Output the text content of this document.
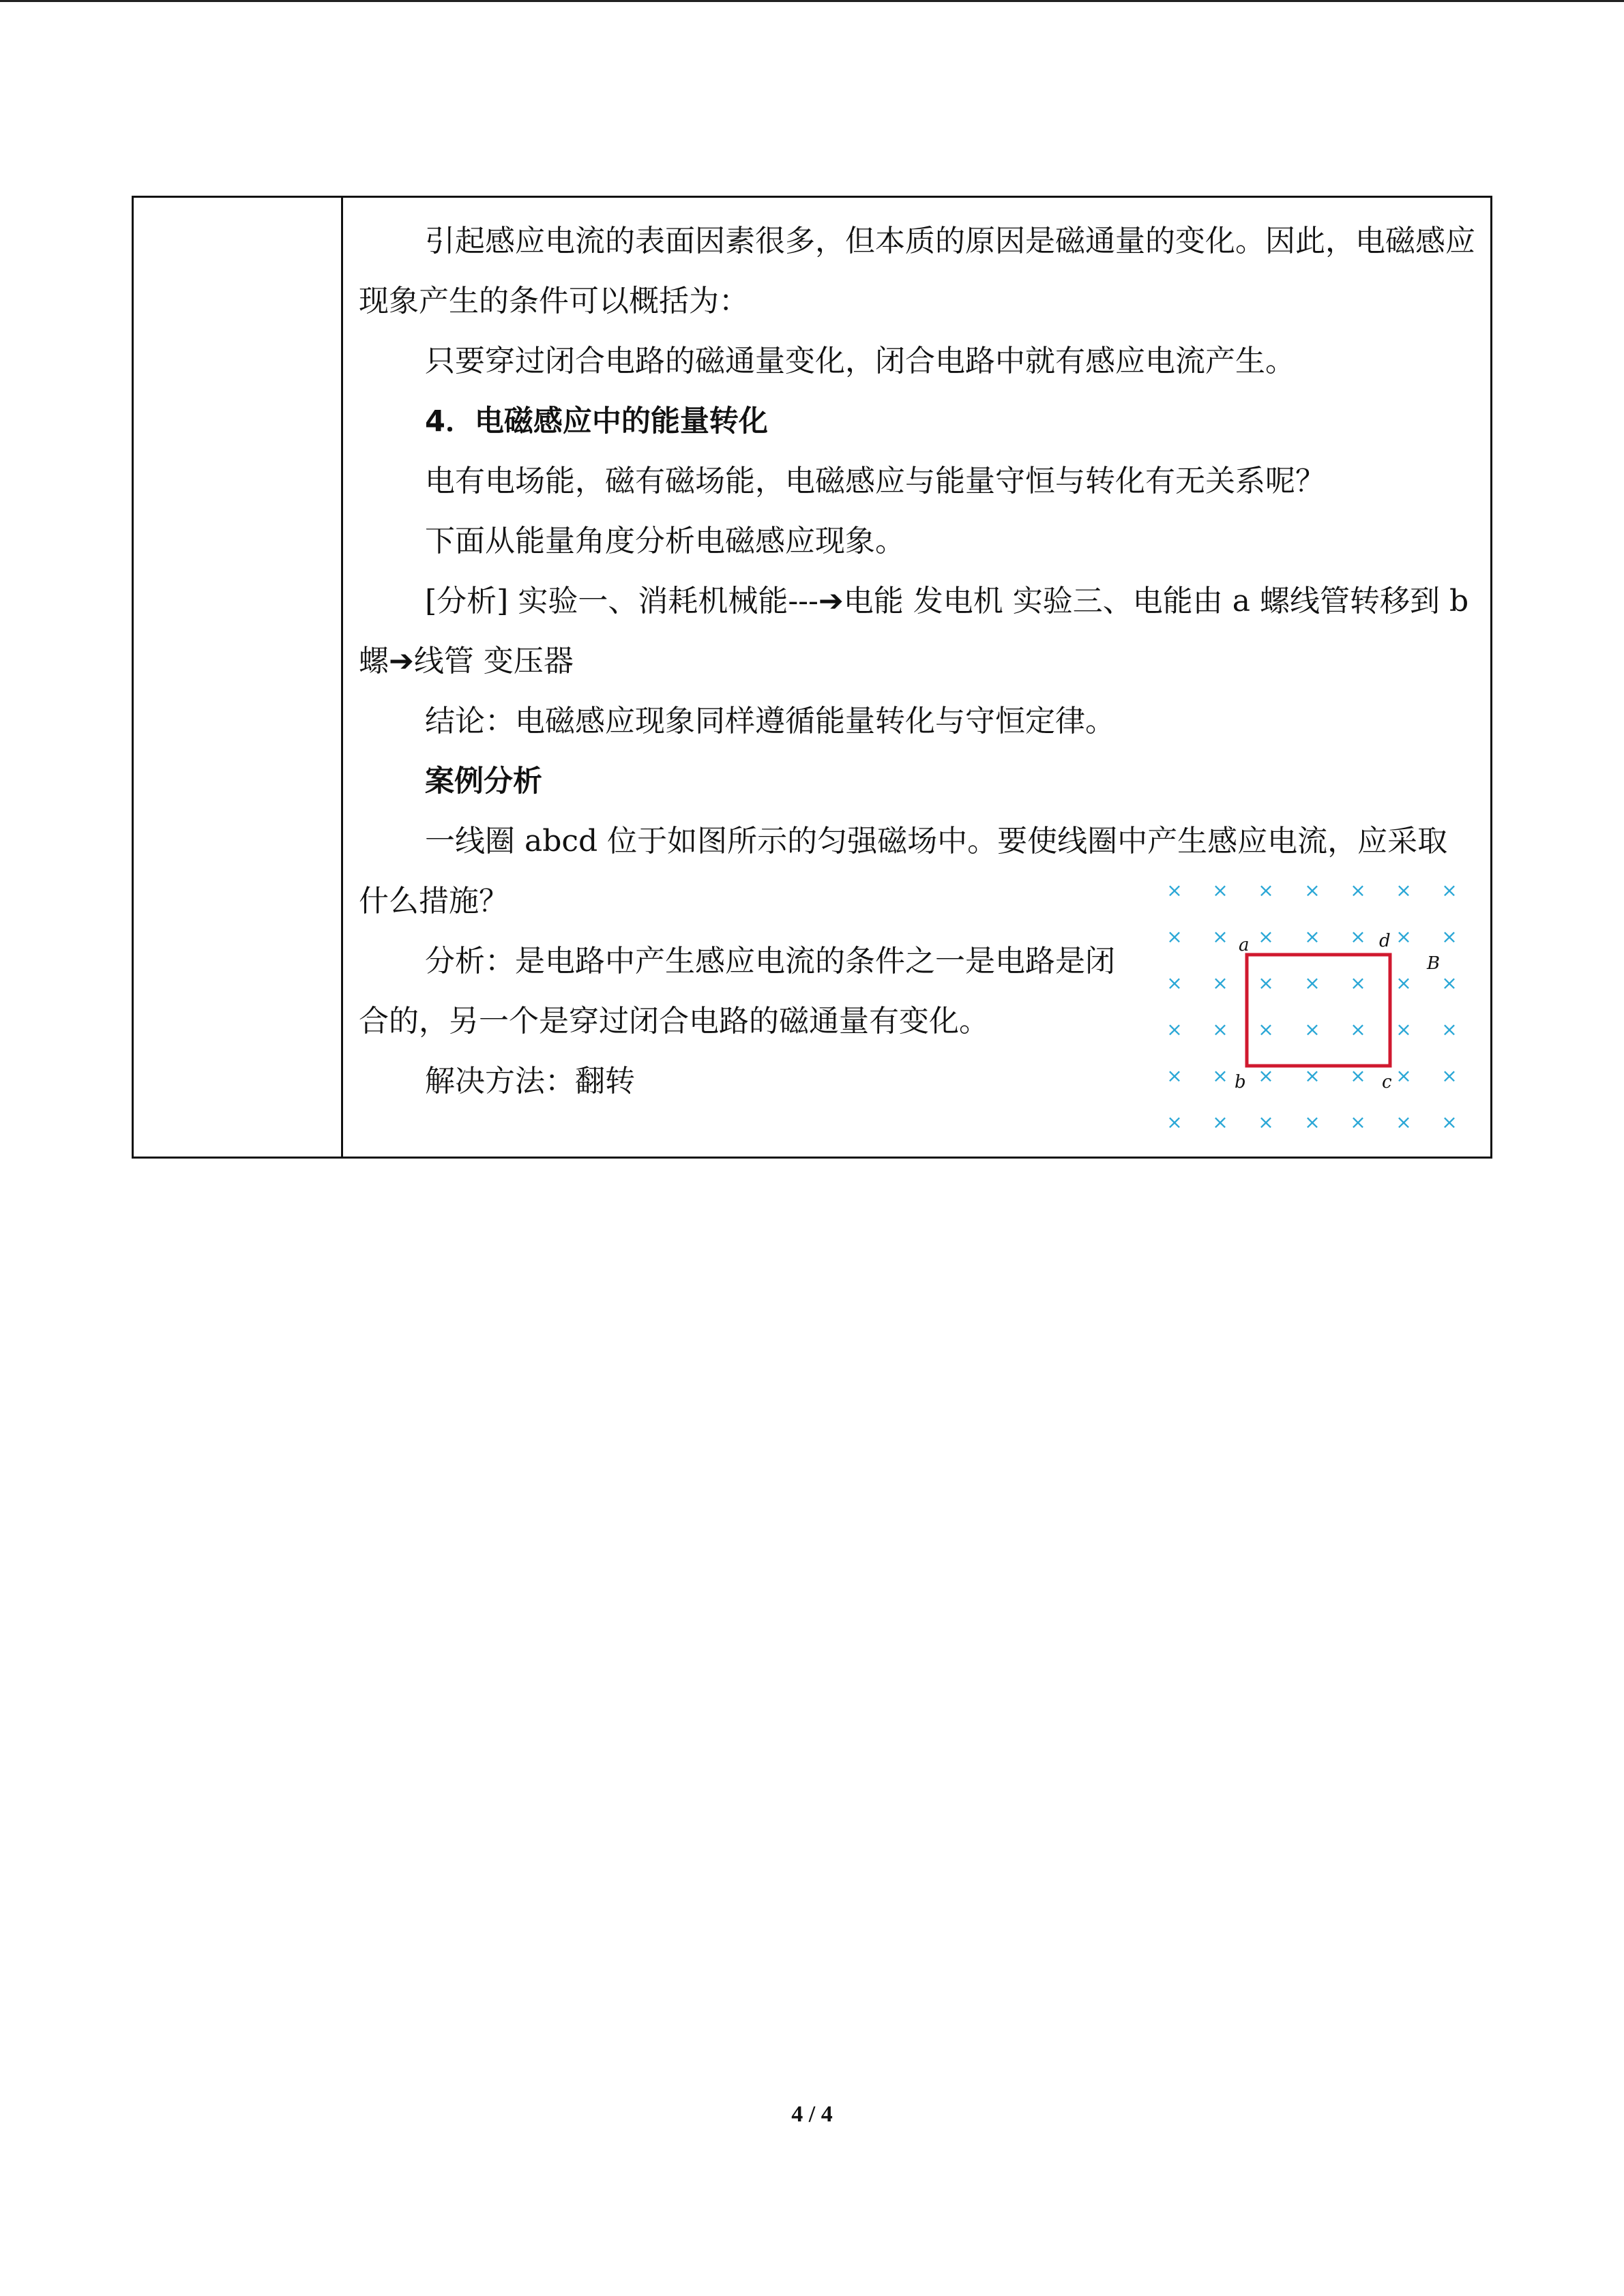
引起感应电流的表面因素很多，但本质的原因是磁通量的变化。因此，电磁感应现象产生的条件可以概括为：

只要穿过闭合电路的磁通量变化，闭合电路中就有感应电流产生。

4．电磁感应中的能量转化

电有电场能，磁有磁场能，电磁感应与能量守恒与转化有无关系呢？

下面从能量角度分析电磁感应现象。

[分析] 实验一、消耗机械能---➔电能 发电机 实验三、电能由 a 螺线管转移到 b 螺➔线管 变压器

结论：电磁感应现象同样遵循能量转化与守恒定律。

案例分析

一线圈 abcd 位于如图所示的匀强磁场中。要使线圈中产生感应电流，应采取什么措施？

分析：是电路中产生感应电流的条件之一是电路是闭合的，另一个是穿过闭合电路的磁通量有变化。

解决方法：翻转

× × × × × × ×
× × × × × × ×
× × × × × × ×
× × × × × × ×
× × × × × × ×
× × × × × × ×
a	d
b	c
B
4 / 4
